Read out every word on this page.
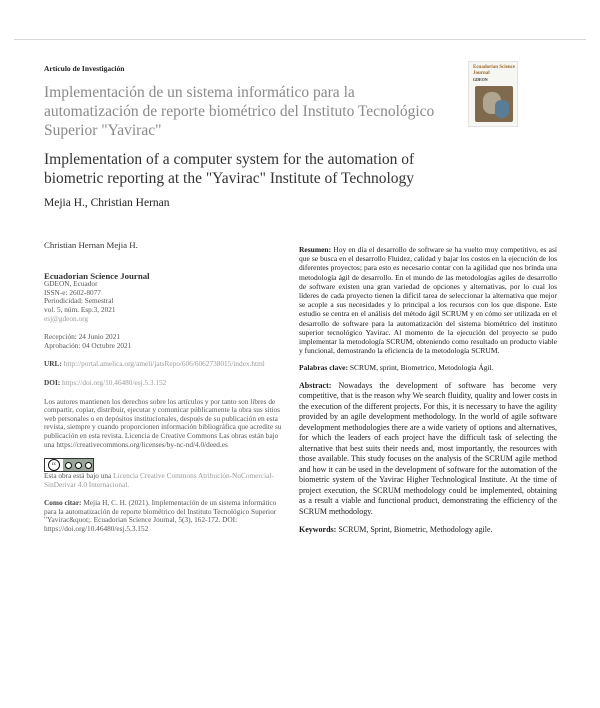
Artículo de Investigación
Implementación de un sistema informático para la automatización de reporte biométrico del Instituto Tecnológico Superior "Yavirac"
Implementation of a computer system for the automation of biometric reporting at the "Yavirac" Institute of Technology
Mejia H., Christian Hernan
Ecuadorian Science Journal
GDEON
Christian Hernan Mejia H.
Ecuadorian Science Journal
GDEON, Ecuador
ISSN-e: 2602-8077
Periodicidad: Semestral
vol. 5, núm. Esp.3, 2021
esj@gdeon.org
Recepción: 24 Junio 2021
Aprobación: 04 Octubre 2021
URL: http://portal.amelica.org/ameli/jatsRepo/606/6062738015/index.html
DOI: https://doi.org/10.46480/esj.5.3.152
Los autores mantienen los derechos sobre los artículos y por tanto son libres de compartir, copiar, distribuir, ejecutar y comunicar públicamente la obra sus sitios web personales o en depósitos institucionales, después de su publicación en esta revista, siempre y cuando proporcionen información bibliográfica que acredite su publicación en esta revista. Licencia de Creative Commons Las obras están bajo una https://creativecommons.org/licenses/by-nc-nd/4.0/deed.es
cc
Esta obra está bajo una Licencia Creative Commons Atribución-NoComercial-SinDerivar 4.0 Internacional.
Como citar: Mejia H, C. H. (2021). Implementación de un sistema informático para la automatización de reporte biométrico del Instituto Tecnológico Superior "Yavirac&quot;. Ecuadorian Science Journal, 5(3), 162-172. DOI: https://doi.org/10.46480/esj.5.3.152

Resumen: Hoy en día el desarrollo de software se ha vuelto muy competitivo, es así que se busca en el desarrollo Fluidez, calidad y bajar los costos en la ejecución de los diferentes proyectos; para esto es necesario contar con la agilidad que nos brinda una metodología ágil de desarrollo. En el mundo de las metodologías agiles de desarrollo de software existen una gran variedad de opciones y alternativas, por lo cual los líderes de cada proyecto tienen la difícil tarea de seleccionar la alternativa que mejor se acople a sus necesidades y lo principal a los recursos con los que dispone. Este estudio se centra en el análisis del método ágil SCRUM y en cómo ser utilizada en el desarrollo de software para la automatización del sistema biométrico del instituto superior tecnológico Yavirac. Al momento de la ejecución del proyecto se pudo implementar la metodología SCRUM, obteniendo como resultado un producto viable y funcional, demostrando la eficiencia de la metodología SCRUM.

Palabras clave: SCRUM, sprint, Biometrico, Metodología Ágil.

Abstract: Nowadays the development of software has become very competitive, that is the reason why We search fluidity, quality and lower costs in the execution of the different projects. For this, it is necessary to have the agility provided by an agile development methodology. In the world of agile software development methodologies there are a wide variety of options and alternatives, for which the leaders of each project have the difficult task of selecting the alternative that best suits their needs and, most importantly, the resources with those available. This study focuses on the analysis of the SCRUM agile method and how it can be used in the development of software for the automation of the biometric system of the Yavirac Higher Technological Institute. At the time of project execution, the SCRUM methodology could be implemented, obtaining as a result a viable and functional product, demonstrating the efficiency of the SCRUM methodology.

Keywords: SCRUM, Sprint, Biometric, Methodology agile.
